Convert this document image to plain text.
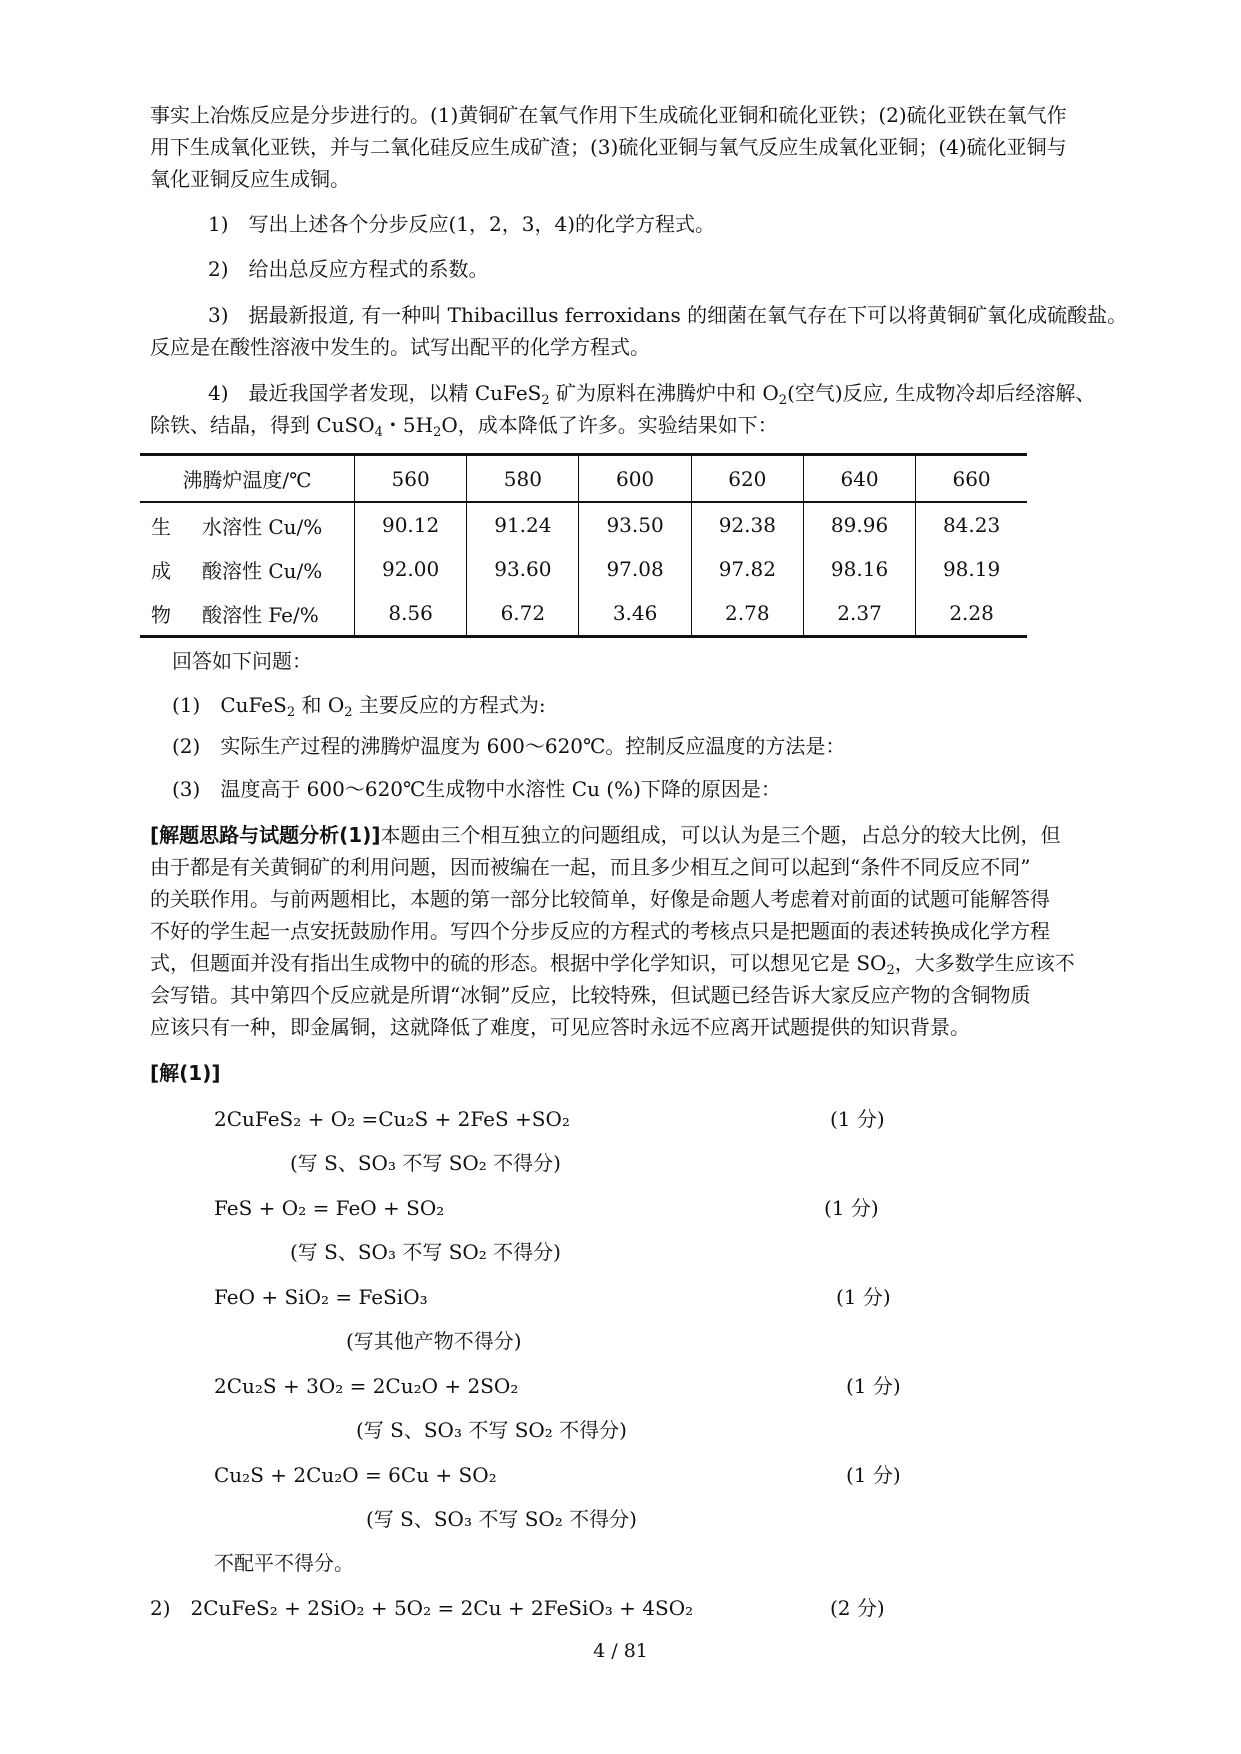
事实上冶炼反应是分步进行的。(1)黄铜矿在氧气作用下生成硫化亚铜和硫化亚铁；(2)硫化亚铁在氧气作
用下生成氧化亚铁，并与二氧化硅反应生成矿渣；(3)硫化亚铜与氧气反应生成氧化亚铜；(4)硫化亚铜与
氧化亚铜反应生成铜。
1)　写出上述各个分步反应(1，2，3，4)的化学方程式。
2)　给出总反应方程式的系数。
3)　据最新报道, 有一种叫 Thibacillus ferroxidans 的细菌在氧气存在下可以将黄铜矿氧化成硫酸盐。
反应是在酸性溶液中发生的。试写出配平的化学方程式。
4)　最近我国学者发现，以精 CuFeS$_2$ 矿为原料在沸腾炉中和 $O_2$(空气)反应, 生成物冷却后经溶解、
除铁、结晶，得到 CuSO$_4$・$5H_2O$，成本降低了许多。实验结果如下：
沸腾炉温度/℃		560	580	600	620	640	660
生	水溶性 Cu/%	90.12	91.24	93.50	92.38	89.96	84.23
成	酸溶性 Cu/%	92.00	93.60	97.08	97.82	98.16	98.19
物	酸溶性 Fe/%	8.56	6.72	3.46	2.78	2.37	2.28
回答如下问题：
(1)　CuFeS$_2$ 和 $O_2$ 主要反应的方程式为:
(2)　实际生产过程的沸腾炉温度为 600～620℃。控制反应温度的方法是：
(3)　温度高于 600～620℃生成物中水溶性 Cu (%)下降的原因是：
[解题思路与试题分析(1)]本题由三个相互独立的问题组成，可以认为是三个题，占总分的较大比例，但
由于都是有关黄铜矿的利用问题，因而被编在一起，而且多少相互之间可以起到“条件不同反应不同”
的关联作用。与前两题相比，本题的第一部分比较简单，好像是命题人考虑着对前面的试题可能解答得
不好的学生起一点安抚鼓励作用。写四个分步反应的方程式的考核点只是把题面的表述转换成化学方程
式，但题面并没有指出生成物中的硫的形态。根据中学化学知识，可以想见它是 $SO_2$，大多数学生应该不
会写错。其中第四个反应就是所谓“冰铜”反应，比较特殊，但试题已经告诉大家反应产物的含铜物质
应该只有一种，即金属铜，这就降低了难度，可见应答时永远不应离开试题提供的知识背景。
[解(1)]
2CuFeS₂ + O₂ =Cu₂S + 2FeS +SO₂	(1 分)
(写 S、SO₃ 不写 SO₂ 不得分)
FeS + O₂ = FeO + SO₂	(1 分)
(写 S、SO₃ 不写 SO₂ 不得分)
FeO + SiO₂ = FeSiO₃	(1 分)
(写其他产物不得分)
2Cu₂S + 3O₂ = 2Cu₂O + 2SO₂	(1 分)
(写 S、SO₃ 不写 SO₂ 不得分)
Cu₂S + 2Cu₂O = 6Cu + SO₂	(1 分)
(写 S、SO₃ 不写 SO₂ 不得分)
不配平不得分。
2)　2CuFeS₂ + 2SiO₂ + 5O₂ = 2Cu + 2FeSiO₃ + 4SO₂	(2 分)
4 / 81
